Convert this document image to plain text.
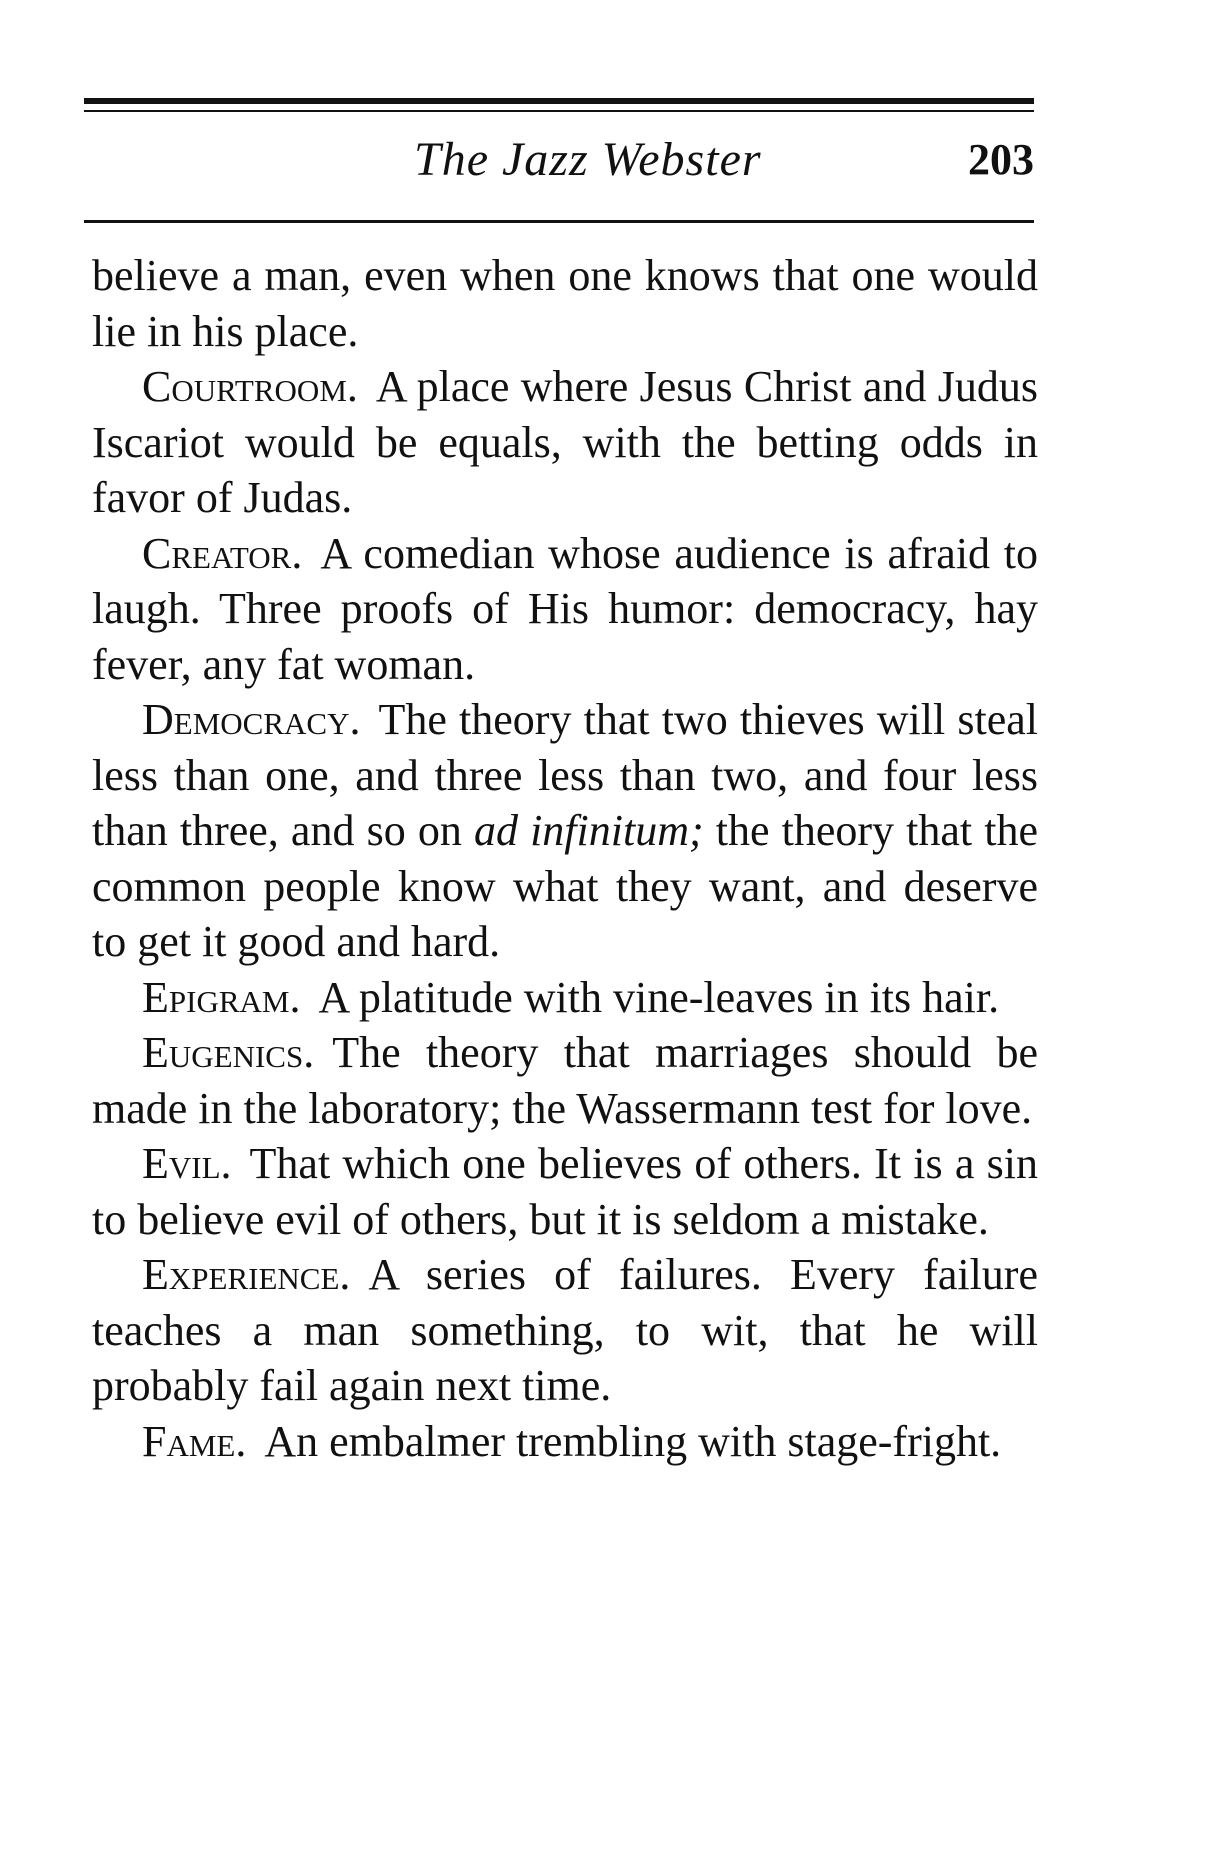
The Jazz Webster	203

believe a man, even when one knows that one would lie in his place.

Courtroom. A place where Jesus Christ and Judus Iscariot would be equals, with the betting odds in favor of Judas.

Creator. A comedian whose audience is afraid to laugh. Three proofs of His humor: democracy, hay fever, any fat woman.

Democracy. The theory that two thieves will steal less than one, and three less than two, and four less than three, and so on ad infinitum; the theory that the common people know what they want, and deserve to get it good and hard.

Epigram. A platitude with vine-leaves in its hair.

Eugenics. The theory that marriages should be made in the laboratory; the Wassermann test for love.

Evil. That which one believes of others. It is a sin to believe evil of others, but it is seldom a mistake.

Experience. A series of failures. Every failure teaches a man something, to wit, that he will probably fail again next time.

Fame. An embalmer trembling with stage-fright.
